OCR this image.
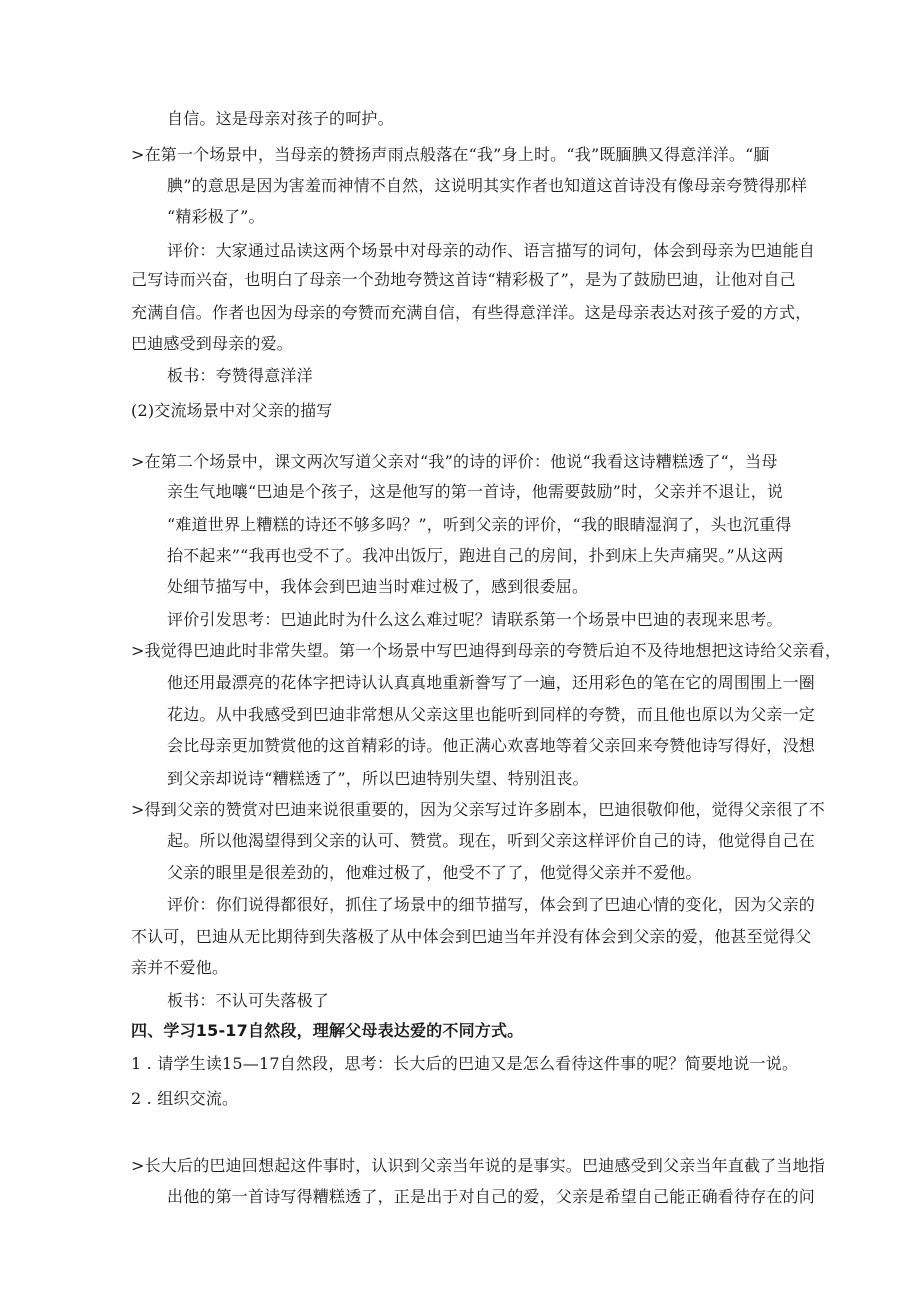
自信。这是母亲对孩子的呵护。
>在第一个场景中，当母亲的赞扬声雨点般落在“我”身上时。“我”既腼腆又得意洋洋。“腼
腆”的意思是因为害羞而神情不自然，这说明其实作者也知道这首诗没有像母亲夸赞得那样
“精彩极了”。
评价：大家通过品读这两个场景中对母亲的动作、语言描写的词句，体会到母亲为巴迪能自
己写诗而兴奋，也明白了母亲一个劲地夸赞这首诗“精彩极了”，是为了鼓励巴迪，让他对自己
充满自信。作者也因为母亲的夸赞而充满自信，有些得意洋洋。这是母亲表达对孩子爱的方式，
巴迪感受到母亲的爱。
板书：夸赞得意洋洋
(2)交流场景中对父亲的描写
>在第二个场景中，课文两次写道父亲对“我”的诗的评价：他说“我看这诗糟糕透了“，当母
亲生气地嚷“巴迪是个孩子，这是他写的第一首诗，他需要鼓励”时，父亲并不退让，说
“难道世界上糟糕的诗还不够多吗？”，听到父亲的评价，“我的眼睛湿润了，头也沉重得
抬不起来”“我再也受不了。我冲出饭厅，跑进自己的房间，扑到床上失声痛哭。”从这两
处细节描写中，我体会到巴迪当时难过极了，感到很委屈。
评价引发思考：巴迪此时为什么这么难过呢？请联系第一个场景中巴迪的表现来思考。
>我觉得巴迪此时非常失望。第一个场景中写巴迪得到母亲的夸赞后迫不及待地想把这诗给父亲看，
他还用最漂亮的花体字把诗认认真真地重新誊写了一遍，还用彩色的笔在它的周围围上一圈
花边。从中我感受到巴迪非常想从父亲这里也能听到同样的夸赞，而且他也原以为父亲一定
会比母亲更加赞赏他的这首精彩的诗。他正满心欢喜地等着父亲回来夸赞他诗写得好，没想
到父亲却说诗“糟糕透了”，所以巴迪特别失望、特别沮丧。
>得到父亲的赞赏对巴迪来说很重要的，因为父亲写过许多剧本，巴迪很敬仰他，觉得父亲很了不
起。所以他渴望得到父亲的认可、赞赏。现在，听到父亲这样评价自己的诗，他觉得自己在
父亲的眼里是很差劲的，他难过极了，他受不了了，他觉得父亲并不爱他。
评价：你们说得都很好，抓住了场景中的细节描写，体会到了巴迪心情的变化，因为父亲的
不认可，巴迪从无比期待到失落极了从中体会到巴迪当年并没有体会到父亲的爱，他甚至觉得父
亲并不爱他。
板书：不认可失落极了
四、学习15-17自然段，理解父母表达爱的不同方式。
1 . 请学生读15—17自然段，思考：长大后的巴迪又是怎么看待这件事的呢？简要地说一说。
2 . 组织交流。
>长大后的巴迪回想起这件事时，认识到父亲当年说的是事实。巴迪感受到父亲当年直截了当地指
出他的第一首诗写得糟糕透了，正是出于对自己的爱，父亲是希望自己能正确看待存在的问
